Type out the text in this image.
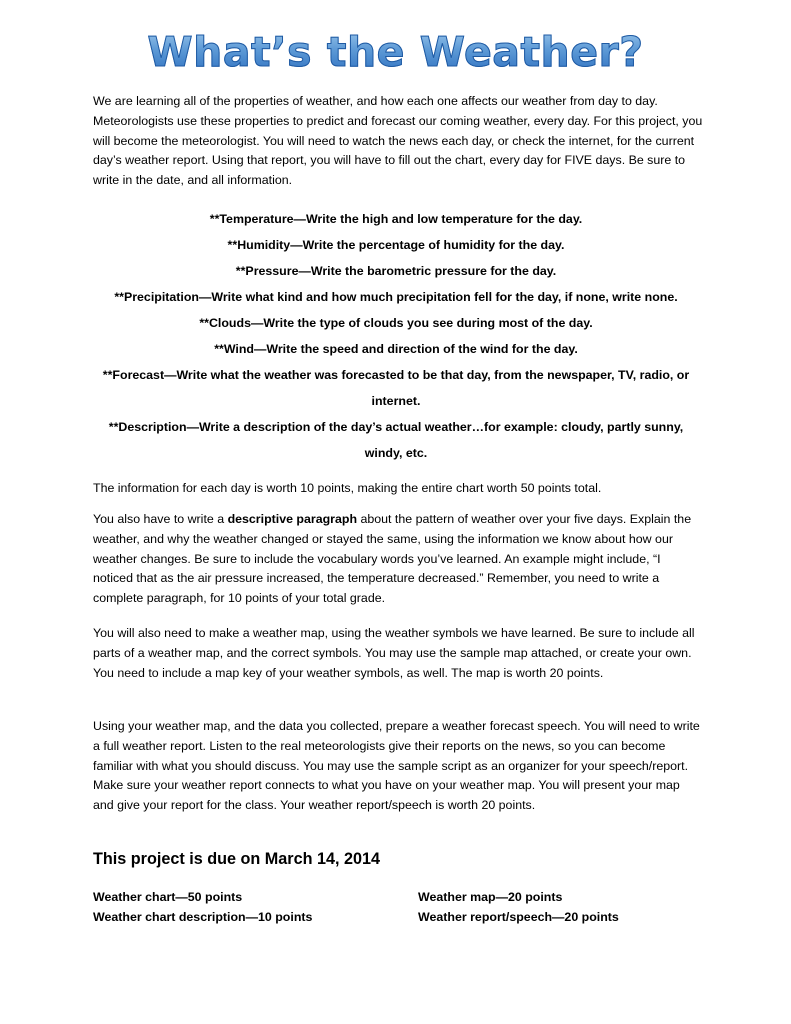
What’s the Weather?

We are learning all of the properties of weather, and how each one affects our weather from day to day. Meteorologists use these properties to predict and forecast our coming weather, every day. For this project, you will become the meteorologist. You will need to watch the news each day, or check the internet, for the current day’s weather report. Using that report, you will have to fill out the chart, every day for FIVE days. Be sure to write in the date, and all information.

**Temperature—Write the high and low temperature for the day.
**Humidity—Write the percentage of humidity for the day.
**Pressure—Write the barometric pressure for the day.
**Precipitation—Write what kind and how much precipitation fell for the day, if none, write none.
**Clouds—Write the type of clouds you see during most of the day.
**Wind—Write the speed and direction of the wind for the day.
**Forecast—Write what the weather was forecasted to be that day, from the newspaper, TV, radio, or internet.
**Description—Write a description of the day’s actual weather…for example: cloudy, partly sunny, windy, etc.

The information for each day is worth 10 points, making the entire chart worth 50 points total.

You also have to write a descriptive paragraph about the pattern of weather over your five days. Explain the weather, and why the weather changed or stayed the same, using the information we know about how our weather changes. Be sure to include the vocabulary words you’ve learned. An example might include, “I noticed that as the air pressure increased, the temperature decreased.” Remember, you need to write a complete paragraph, for 10 points of your total grade.

You will also need to make a weather map, using the weather symbols we have learned. Be sure to include all parts of a weather map, and the correct symbols. You may use the sample map attached, or create your own. You need to include a map key of your weather symbols, as well. The map is worth 20 points.

Using your weather map, and the data you collected, prepare a weather forecast speech. You will need to write a full weather report. Listen to the real meteorologists give their reports on the news, so you can become familiar with what you should discuss. You may use the sample script as an organizer for your speech/report. Make sure your weather report connects to what you have on your weather map. You will present your map and give your report for the class. Your weather report/speech is worth 20 points.

This project is due on March 14, 2014
Weather chart—50 points
Weather chart description—10 points
Weather map—20 points
Weather report/speech—20 points
